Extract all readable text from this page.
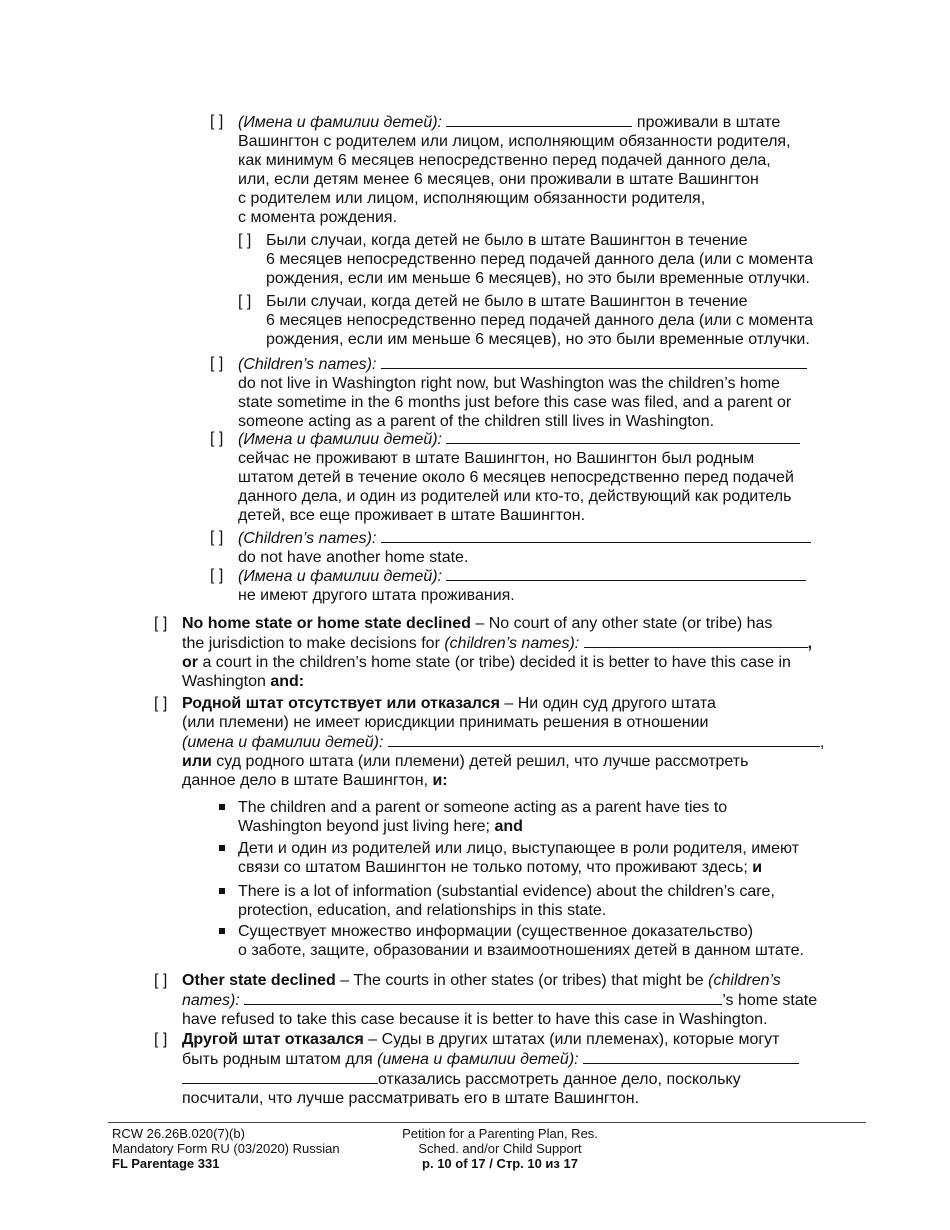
[ ] (Имена и фамилии детей):	проживали в штате
Вашингтон с родителем или лицом, исполняющим обязанности родителя,
как минимум 6 месяцев непосредственно перед подачей данного дела,
или, если детям менее 6 месяцев, они проживали в штате Вашингтон
с родителем или лицом, исполняющим обязанности родителя,
с момента рождения.
[ ] Были случаи, когда детей не было в штате Вашингтон в течение
6 месяцев непосредственно перед подачей данного дела (или с момента
рождения, если им меньше 6 месяцев), но это были временные отлучки.
[ ] Были случаи, когда детей не было в штате Вашингтон в течение
6 месяцев непосредственно перед подачей данного дела (или с момента
рождения, если им меньше 6 месяцев), но это были временные отлучки.
[ ] (Children’s names):
do not live in Washington right now, but Washington was the children’s home
state sometime in the 6 months just before this case was filed, and a parent or
someone acting as a parent of the children still lives in Washington.
[ ] (Имена и фамилии детей):
сейчас не проживают в штате Вашингтон, но Вашингтон был родным
штатом детей в течение около 6 месяцев непосредственно перед подачей
данного дела, и один из родителей или кто-то, действующий как родитель
детей, все еще проживает в штате Вашингтон.
[ ] (Children’s names):
do not have another home state.
[ ] (Имена и фамилии детей):
не имеют другого штата проживания.
[ ] No home state or home state declined – No court of any other state (or tribe) has
the jurisdiction to make decisions for (children’s names):	,
or a court in the children’s home state (or tribe) decided it is better to have this case in
Washington and:
[ ] Родной штат отсутствует или отказался – Ни один суд другого штата
(или племени) не имеет юрисдикции принимать решения в отношении
(имена и фамилии детей):	,
или суд родного штата (или племени) детей решил, что лучше рассмотреть
данное дело в штате Вашингтон, и:
The children and a parent or someone acting as a parent have ties to
Washington beyond just living here; and
Дети и один из родителей или лицо, выступающее в роли родителя, имеют
связи со штатом Вашингтон не только потому, что проживают здесь; и
There is a lot of information (substantial evidence) about the children’s care,
protection, education, and relationships in this state.
Существует множество информации (существенное доказательство)
о заботе, защите, образовании и взаимоотношениях детей в данном штате.
[ ] Other state declined – The courts in other states (or tribes) that might be (children’s
names):	’s home state
have refused to take this case because it is better to have this case in Washington.
[ ] Другой штат отказался – Суды в других штатах (или племенах), которые могут
быть родным штатом для (имена и фамилии детей):
отказались рассмотреть данное дело, поскольку
посчитали, что лучше рассматривать его в штате Вашингтон.
RCW 26.26B.020(7)(b)
Mandatory Form RU (03/2020) Russian
FL Parentage 331
Petition for a Parenting Plan, Res.
Sched. and/or Child Support
p. 10 of 17 / Стр. 10 из 17
